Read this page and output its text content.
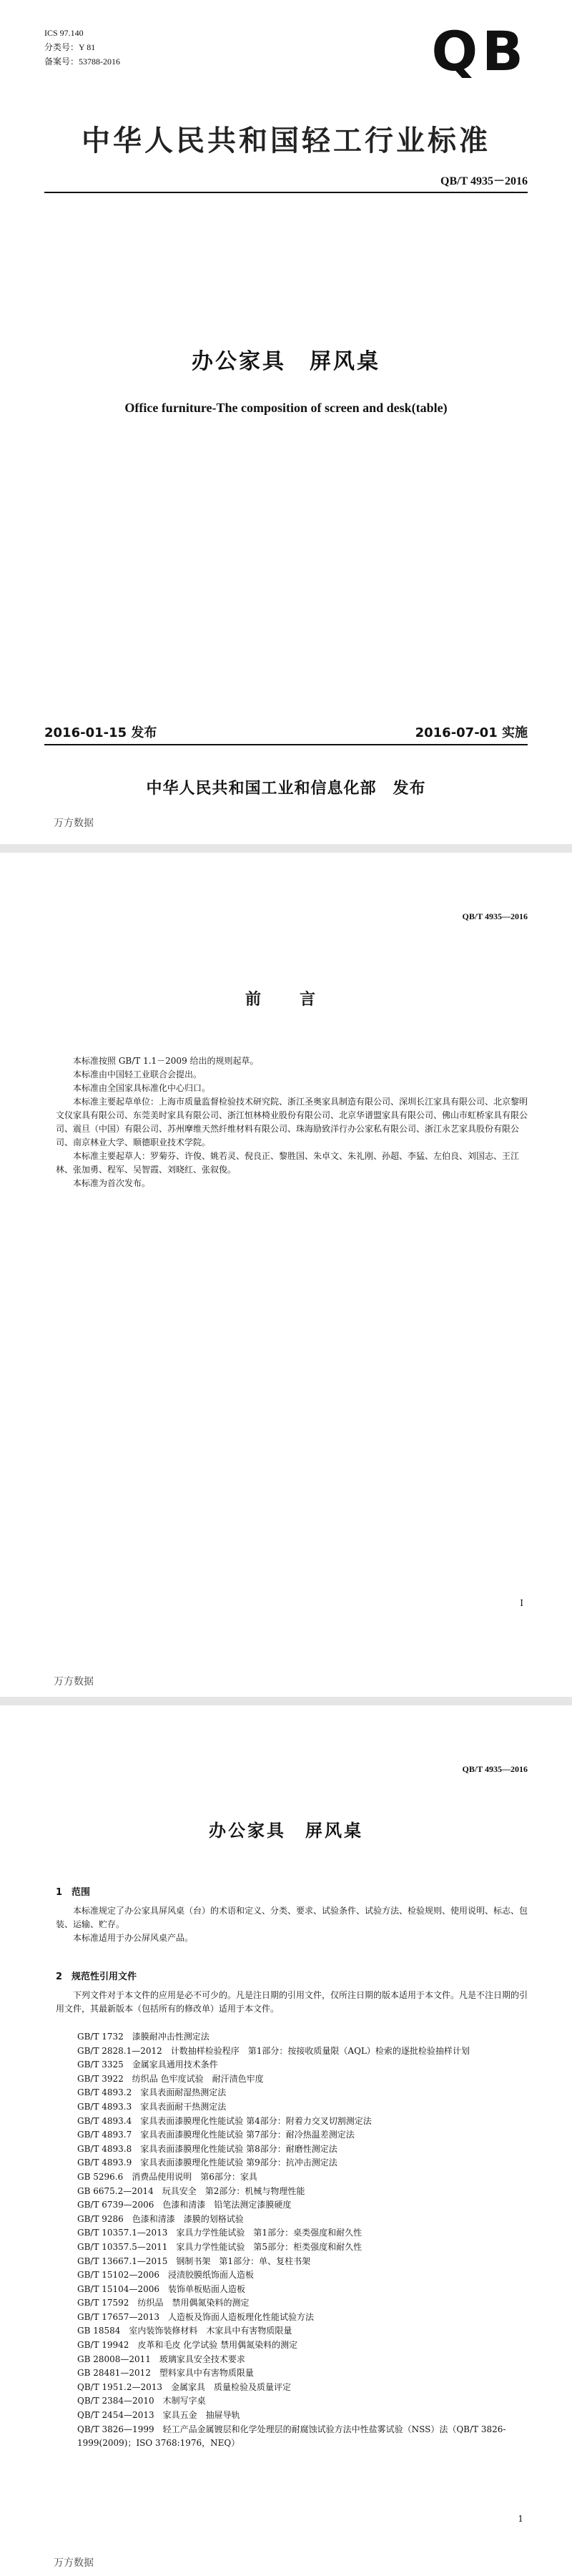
ICS 97.140
分类号：Y 81
备案号：53788-2016	QB
中华人民共和国轻工行业标准
QB/T 4935－2016
办公家具　屏风桌
Office furniture-The composition of screen and desk(table)
2016-01-15 发布	2016-07-01 实施
中华人民共和国工业和信息化部　发布
万方数据
QB/T 4935—2016
前　言

本标准按照 GB/T 1.1－2009 给出的规则起草。

本标准由中国轻工业联合会提出。

本标准由全国家具标准化中心归口。

本标准主要起草单位：上海市质量监督检验技术研究院、浙江圣奥家具制造有限公司、深圳长江家具有限公司、北京黎明文仪家具有限公司、东莞美时家具有限公司、浙江恒林椅业股份有限公司、北京华谱盟家具有限公司、佛山市虹桥家具有限公司、震旦（中国）有限公司、苏州摩维天然纤维材料有限公司、珠海励致洋行办公家私有限公司、浙江永艺家具股份有限公司、南京林业大学、顺德职业技术学院。

本标准主要起草人：罗菊芬、许俊、姚若灵、倪良正、黎胜国、朱卓文、朱礼刚、孙超、李猛、左伯良、刘国志、王江林、张加勇、程军、吴智霞、刘晓红、张叙俊。

本标准为首次发布。

Ⅰ
万方数据
QB/T 4935—2016
办公家具　屏风桌
1　范围

本标准规定了办公家具屏风桌（台）的术语和定义、分类、要求、试验条件、试验方法、检验规则、使用说明、标志、包装、运输、贮存。

本标准适用于办公屏风桌产品。

2　规范性引用文件

下列文件对于本文件的应用是必不可少的。凡是注日期的引用文件，仅所注日期的版本适用于本文件。凡是不注日期的引用文件，其最新版本（包括所有的修改单）适用于本文件。

GB/T 1732　漆膜耐冲击性测定法
GB/T 2828.1—2012　计数抽样检验程序　第1部分：按接收质量限（AQL）检索的逐批检验抽样计划
GB/T 3325　金属家具通用技术条件
GB/T 3922　纺织品 色牢度试验　耐汗渍色牢度
GB/T 4893.2　家具表面耐湿热测定法
GB/T 4893.3　家具表面耐干热测定法
GB/T 4893.4　家具表面漆膜理化性能试验 第4部分：附着力交叉切割测定法
GB/T 4893.7　家具表面漆膜理化性能试验 第7部分：耐冷热温差测定法
GB/T 4893.8　家具表面漆膜理化性能试验 第8部分：耐磨性测定法
GB/T 4893.9　家具表面漆膜理化性能试验 第9部分：抗冲击测定法
GB 5296.6　消费品使用说明　第6部分：家具
GB 6675.2—2014　玩具安全　第2部分：机械与物理性能
GB/T 6739—2006　色漆和清漆　铅笔法测定漆膜硬度
GB/T 9286　色漆和清漆　漆膜的划格试验
GB/T 10357.1—2013　家具力学性能试验　第1部分：桌类强度和耐久性
GB/T 10357.5—2011　家具力学性能试验　第5部分：柜类强度和耐久性
GB/T 13667.1—2015　钢制书架　第1部分：单、复柱书架
GB/T 15102—2006　浸渍胶膜纸饰面人造板
GB/T 15104—2006　装饰单板贴面人造板
GB/T 17592　纺织品　禁用偶氮染料的测定
GB/T 17657—2013　人造板及饰面人造板理化性能试验方法
GB 18584　室内装饰装修材料　木家具中有害物质限量
GB/T 19942　皮革和毛皮 化学试验 禁用偶氮染料的测定
GB 28008—2011　玻璃家具安全技术要求
GB 28481—2012　塑料家具中有害物质限量
QB/T 1951.2—2013　金属家具　质量检验及质量评定
QB/T 2384—2010　木制写字桌
QB/T 2454—2013　家具五金　抽屉导轨
QB/T 3826—1999　轻工产品金属镀层和化学处理层的耐腐蚀试验方法中性盐雾试验（NSS）法（QB/T 3826-1999(2009)；ISO 3768:1976，NEQ）
1
万方数据
